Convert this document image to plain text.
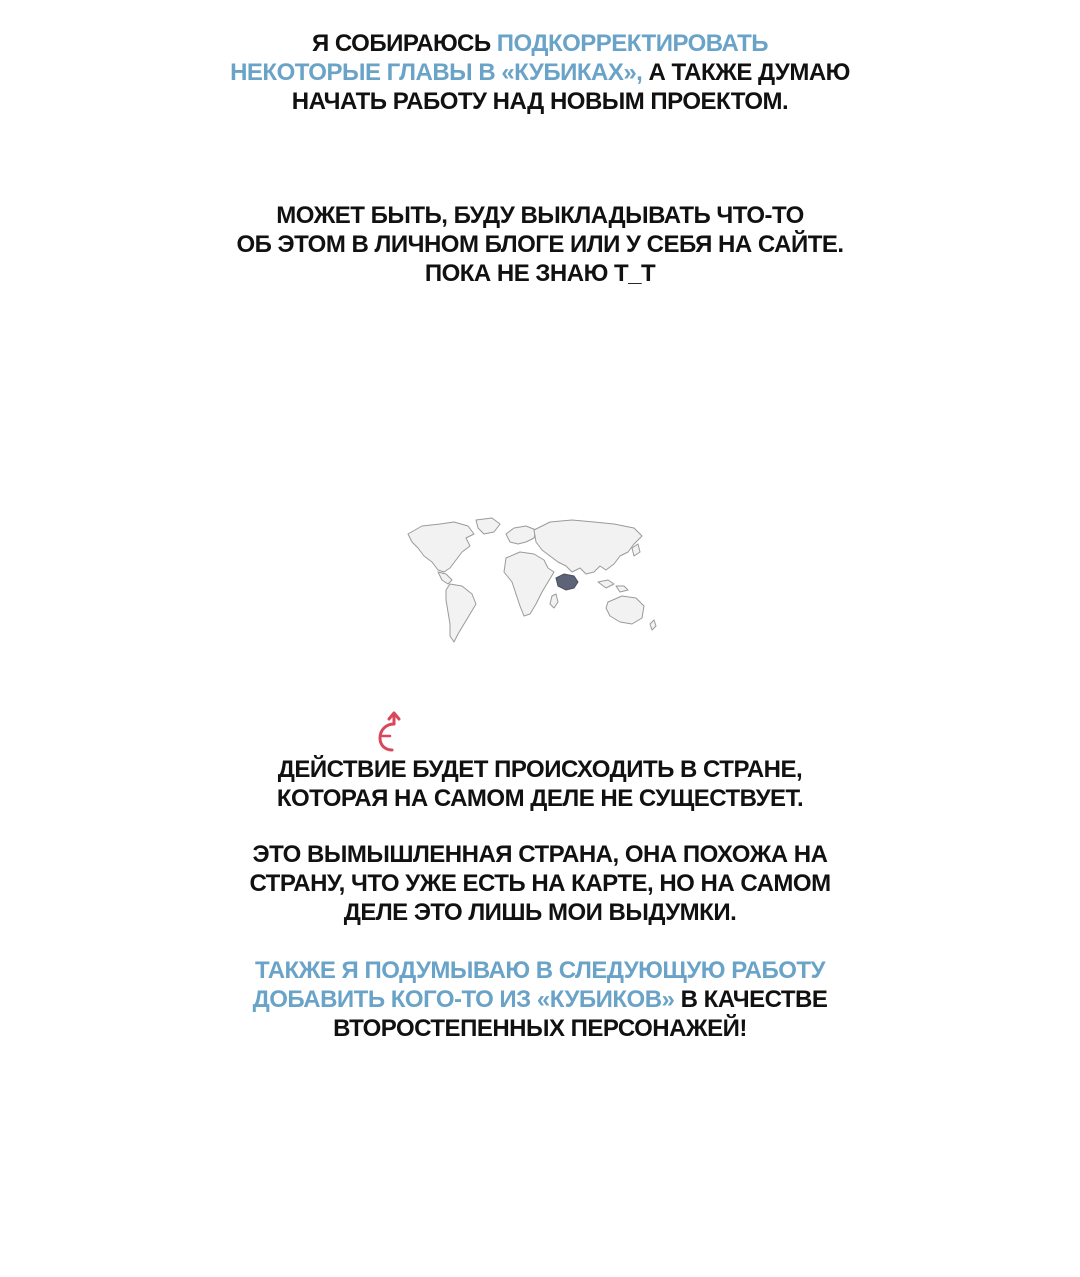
Я СОБИРАЮСЬ ПОДКОРРЕКТИРОВАТЬ
НЕКОТОРЫЕ ГЛАВЫ В «КУБИКАХ», А ТАКЖЕ ДУМАЮ
НАЧАТЬ РАБОТУ НАД НОВЫМ ПРОЕКТОМ.
МОЖЕТ БЫТЬ, БУДУ ВЫКЛАДЫВАТЬ ЧТО-ТО
ОБ ЭТОМ В ЛИЧНОМ БЛОГЕ ИЛИ У СЕБЯ НА САЙТЕ.
ПОКА НЕ ЗНАЮ Т_Т
ДЕЙСТВИЕ БУДЕТ ПРОИСХОДИТЬ В СТРАНЕ,
КОТОРАЯ НА САМОМ ДЕЛЕ НЕ СУЩЕСТВУЕТ.
ЭТО ВЫМЫШЛЕННАЯ СТРАНА, ОНА ПОХОЖА НА
СТРАНУ, ЧТО УЖЕ ЕСТЬ НА КАРТЕ, НО НА САМОМ
ДЕЛЕ ЭТО ЛИШЬ МОИ ВЫДУМКИ.
ТАКЖЕ Я ПОДУМЫВАЮ В СЛЕДУЮЩУЮ РАБОТУ
ДОБАВИТЬ КОГО-ТО ИЗ «КУБИКОВ» В КАЧЕСТВЕ
ВТОРОСТЕПЕННЫХ ПЕРСОНАЖЕЙ!
